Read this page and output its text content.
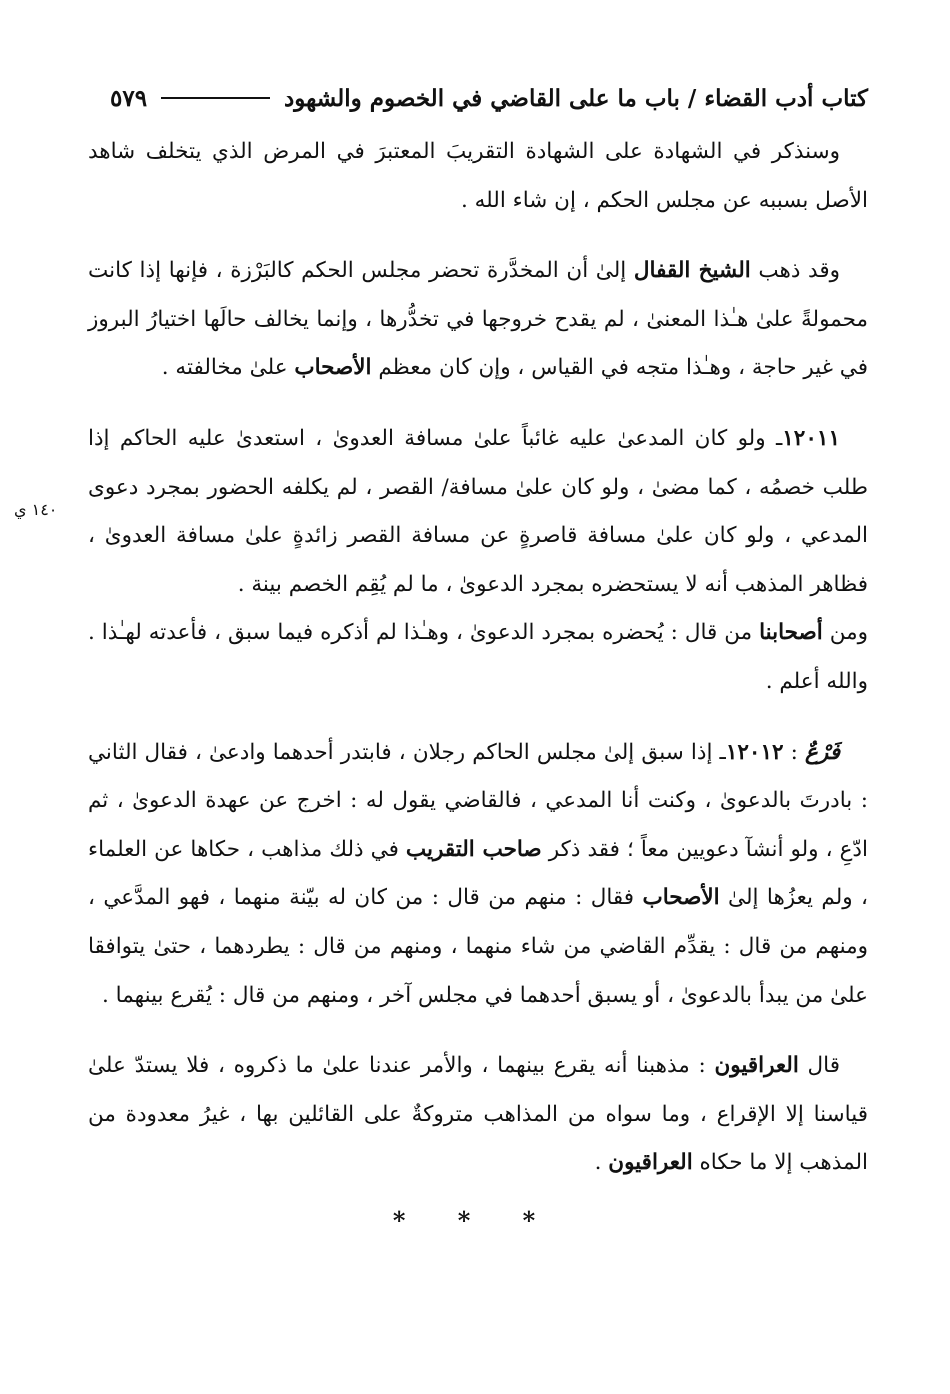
كتاب أدب القضاء / باب ما على القاضي في الخصوم والشهود
٥٧٩
١٤٠ ي

وسنذكر في الشهادة على الشهادة التقريبَ المعتبرَ في المرض الذي يتخلف شاهد الأصل بسببه عن مجلس الحكم ، إن شاء الله .

وقد ذهب الشيخ القفال إلىٰ أن المخدَّرة تحضر مجلس الحكم كالبَرْزة ، فإنها إذا كانت محمولةً علىٰ هـٰذا المعنىٰ ، لم يقدح خروجها في تخدُّرها ، وإنما يخالف حالَها اختيارُ البروز في غير حاجة ، وهـٰذا متجه في القياس ، وإن كان معظم الأصحاب علىٰ مخالفته .

١٢٠١١ـ ولو كان المدعىٰ عليه غائباً علىٰ مسافة العدوىٰ ، استعدىٰ عليه الحاكم إذا طلب خصمُه ، كما مضىٰ ، ولو كان علىٰ مسافة/ القصر ، لم يكلفه الحضور بمجرد دعوى المدعي ، ولو كان علىٰ مسافة قاصرةٍ عن مسافة القصر زائدةٍ علىٰ مسافة العدوىٰ ، فظاهر المذهب أنه لا يستحضره بمجرد الدعوىٰ ، ما لم يُقِم الخصم بينة .

ومن أصحابنا من قال : يُحضره بمجرد الدعوىٰ ، وهـٰذا لم أذكره فيما سبق ، فأعدته لهـٰذا . والله أعلم .

فَرْعٌ : ١٢٠١٢ـ إذا سبق إلىٰ مجلس الحاكم رجلان ، فابتدر أحدهما وادعىٰ ، فقال الثاني : بادرتَ بالدعوىٰ ، وكنت أنا المدعي ، فالقاضي يقول له : اخرج عن عهدة الدعوىٰ ، ثم ادّعِ ، ولو أنشآ دعويين معاً ؛ فقد ذكر صاحب التقريب في ذلك مذاهب ، حكاها عن العلماء ، ولم يعزُها إلىٰ الأصحاب فقال : منهم من قال : من كان له بيّنة منهما ، فهو المدَّعي ، ومنهم من قال : يقدِّم القاضي من شاء منهما ، ومنهم من قال : يطردهما ، حتىٰ يتوافقا علىٰ من يبدأ بالدعوىٰ ، أو يسبق أحدهما في مجلس آخر ، ومنهم من قال : يُقرع بينهما .

قال العراقيون : مذهبنا أنه يقرع بينهما ، والأمر عندنا علىٰ ما ذكروه ، فلا يستدّ علىٰ قياسنا إلا الإقراع ، وما سواه من المذاهب متروكةٌ على القائلين بها ، غيرُ معدودة من المذهب إلا ما حكاه العراقيون .

* * *
